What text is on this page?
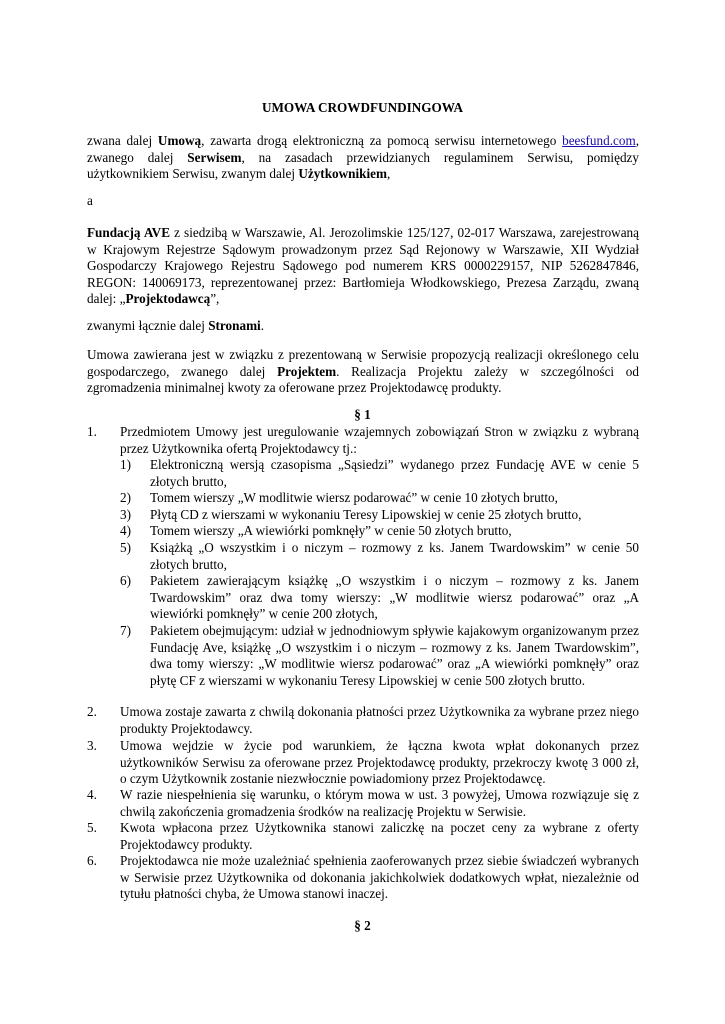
UMOWA CROWDFUNDINGOWA
zwana dalej Umową, zawarta drogą elektroniczną za pomocą serwisu internetowego beesfund.com, zwanego dalej Serwisem, na zasadach przewidzianych regulaminem Serwisu, pomiędzy użytkownikiem Serwisu, zwanym dalej Użytkownikiem,
a
Fundacją AVE z siedzibą w Warszawie, Al. Jerozolimskie 125/127, 02-017 Warszawa, zarejestrowaną w Krajowym Rejestrze Sądowym prowadzonym przez Sąd Rejonowy w Warszawie, XII Wydział Gospodarczy Krajowego Rejestru Sądowego pod numerem KRS 0000229157, NIP 5262847846, REGON: 140069173, reprezentowanej przez: Bartłomieja Włodkowskiego, Prezesa Zarządu, zwaną dalej: „Projektodawcą”,
zwanymi łącznie dalej Stronami.
Umowa zawierana jest w związku z prezentowaną w Serwisie propozycją realizacji określonego celu gospodarczego, zwanego dalej Projektem. Realizacja Projektu zależy w szczególności od zgromadzenia minimalnej kwoty za oferowane przez Projektodawcę produkty.
§ 1
1. Przedmiotem Umowy jest uregulowanie wzajemnych zobowiązań Stron w związku z wybraną przez Użytkownika ofertą Projektodawcy tj.:
1) Elektroniczną wersją czasopisma „Sąsiedzi” wydanego przez Fundację AVE w cenie 5 złotych brutto,
2) Tomem wierszy „W modlitwie wiersz podarować” w cenie 10 złotych brutto,
3) Płytą CD z wierszami w wykonaniu Teresy Lipowskiej w cenie 25 złotych brutto,
4) Tomem wierszy „A wiewiórki pomknęły” w cenie 50 złotych brutto,
5) Książką „O wszystkim i o niczym – rozmowy z ks. Janem Twardowskim” w cenie 50 złotych brutto,
6) Pakietem zawierającym książkę „O wszystkim i o niczym – rozmowy z ks. Janem Twardowskim” oraz dwa tomy wierszy: „W modlitwie wiersz podarować” oraz „A wiewiórki pomknęły” w cenie 200 złotych,
7) Pakietem obejmującym: udział w jednodniowym spływie kajakowym organizowanym przez Fundację Ave, książkę „O wszystkim i o niczym – rozmowy z ks. Janem Twardowskim”, dwa tomy wierszy: „W modlitwie wiersz podarować” oraz „A wiewiórki pomknęły” oraz płytę CF z wierszami w wykonaniu Teresy Lipowskiej w cenie 500 złotych brutto.
2. Umowa zostaje zawarta z chwilą dokonania płatności przez Użytkownika za wybrane przez niego produkty Projektodawcy.
3. Umowa wejdzie w życie pod warunkiem, że łączna kwota wpłat dokonanych przez użytkowników Serwisu za oferowane przez Projektodawcę produkty, przekroczy kwotę 3 000 zł, o czym Użytkownik zostanie niezwłocznie powiadomiony przez Projektodawcę.
4. W razie niespełnienia się warunku, o którym mowa w ust. 3 powyżej, Umowa rozwiązuje się z chwilą zakończenia gromadzenia środków na realizację Projektu w Serwisie.
5. Kwota wpłacona przez Użytkownika stanowi zaliczkę na poczet ceny za wybrane z oferty Projektodawcy produkty.
6. Projektodawca nie może uzależniać spełnienia zaoferowanych przez siebie świadczeń wybranych w Serwisie przez Użytkownika od dokonania jakichkolwiek dodatkowych wpłat, niezależnie od tytułu płatności chyba, że Umowa stanowi inaczej.
§ 2
